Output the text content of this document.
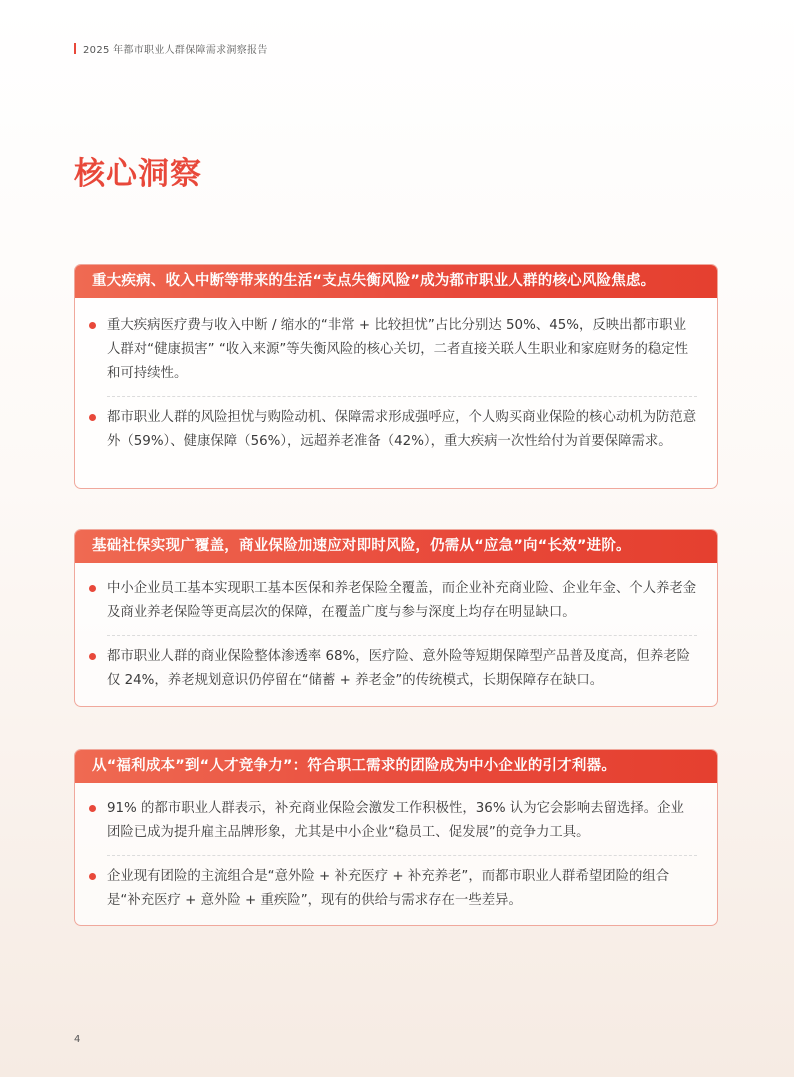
2025 年都市职业人群保障需求洞察报告
核心洞察
重大疾病、收入中断等带来的生活“支点失衡风险”成为都市职业人群的核心风险焦虑。
重大疾病医疗费与收入中断 / 缩水的“非常 + 比较担忧”占比分别达 50%、45%，反映出都市职业人群对“健康损害” “收入来源”等失衡风险的核心关切，二者直接关联人生职业和家庭财务的稳定性和可持续性。
都市职业人群的风险担忧与购险动机、保障需求形成强呼应，个人购买商业保险的核心动机为防范意外（59%）、健康保障（56%），远超养老准备（42%），重大疾病一次性给付为首要保障需求。
基础社保实现广覆盖，商业保险加速应对即时风险，仍需从“应急”向“长效”进阶。
中小企业员工基本实现职工基本医保和养老保险全覆盖，而企业补充商业险、企业年金、个人养老金及商业养老保险等更高层次的保障，在覆盖广度与参与深度上均存在明显缺口。
都市职业人群的商业保险整体渗透率 68%，医疗险、意外险等短期保障型产品普及度高，但养老险仅 24%，养老规划意识仍停留在“储蓄 + 养老金”的传统模式，长期保障存在缺口。
从“福利成本”到“人才竞争力”：符合职工需求的团险成为中小企业的引才利器。
91% 的都市职业人群表示，补充商业保险会激发工作积极性，36% 认为它会影响去留选择。企业团险已成为提升雇主品牌形象，尤其是中小企业“稳员工、促发展”的竞争力工具。
企业现有团险的主流组合是“意外险 + 补充医疗 + 补充养老”，而都市职业人群希望团险的组合是“补充医疗 + 意外险 + 重疾险”，现有的供给与需求存在一些差异。
4
